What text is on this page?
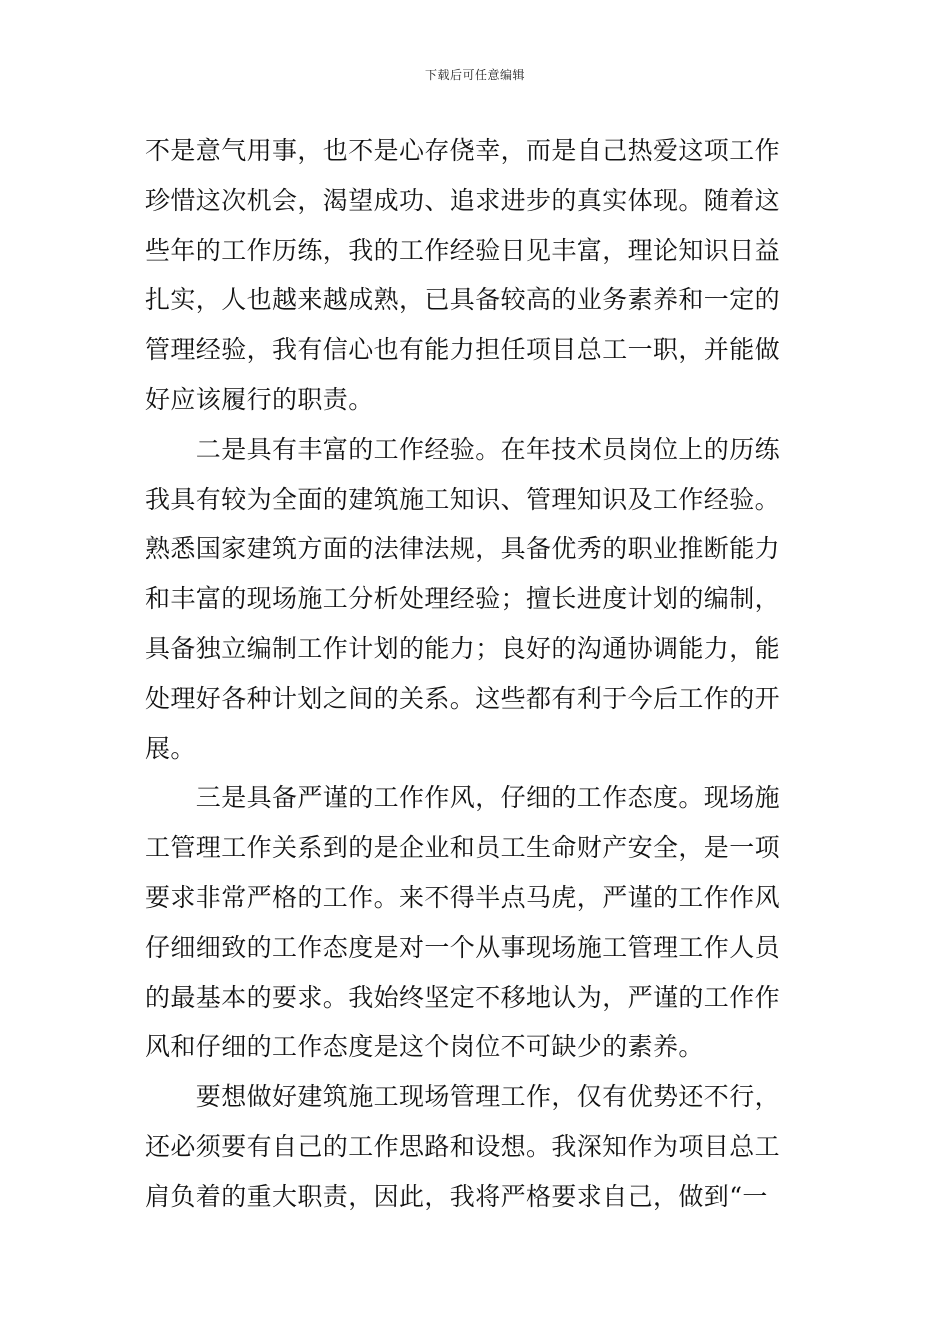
下载后可任意编辑
不是意气用事，也不是心存侥幸，而是自己热爱这项工作
珍惜这次机会，渴望成功、追求进步的真实体现。随着这
些年的工作历练，我的工作经验日见丰富，理论知识日益
扎实，人也越来越成熟，已具备较高的业务素养和一定的
管理经验，我有信心也有能力担任项目总工一职，并能做
好应该履行的职责。
　　二是具有丰富的工作经验。在年技术员岗位上的历练
我具有较为全面的建筑施工知识、管理知识及工作经验。
熟悉国家建筑方面的法律法规，具备优秀的职业推断能力
和丰富的现场施工分析处理经验；擅长进度计划的编制，
具备独立编制工作计划的能力；良好的沟通协调能力，能
处理好各种计划之间的关系。这些都有利于今后工作的开
展。
　　三是具备严谨的工作作风，仔细的工作态度。现场施
工管理工作关系到的是企业和员工生命财产安全，是一项
要求非常严格的工作。来不得半点马虎，严谨的工作作风
仔细细致的工作态度是对一个从事现场施工管理工作人员
的最基本的要求。我始终坚定不移地认为，严谨的工作作
风和仔细的工作态度是这个岗位不可缺少的素养。
　　要想做好建筑施工现场管理工作，仅有优势还不行，
还必须要有自己的工作思路和设想。我深知作为项目总工
肩负着的重大职责，因此，我将严格要求自己，做到“一
